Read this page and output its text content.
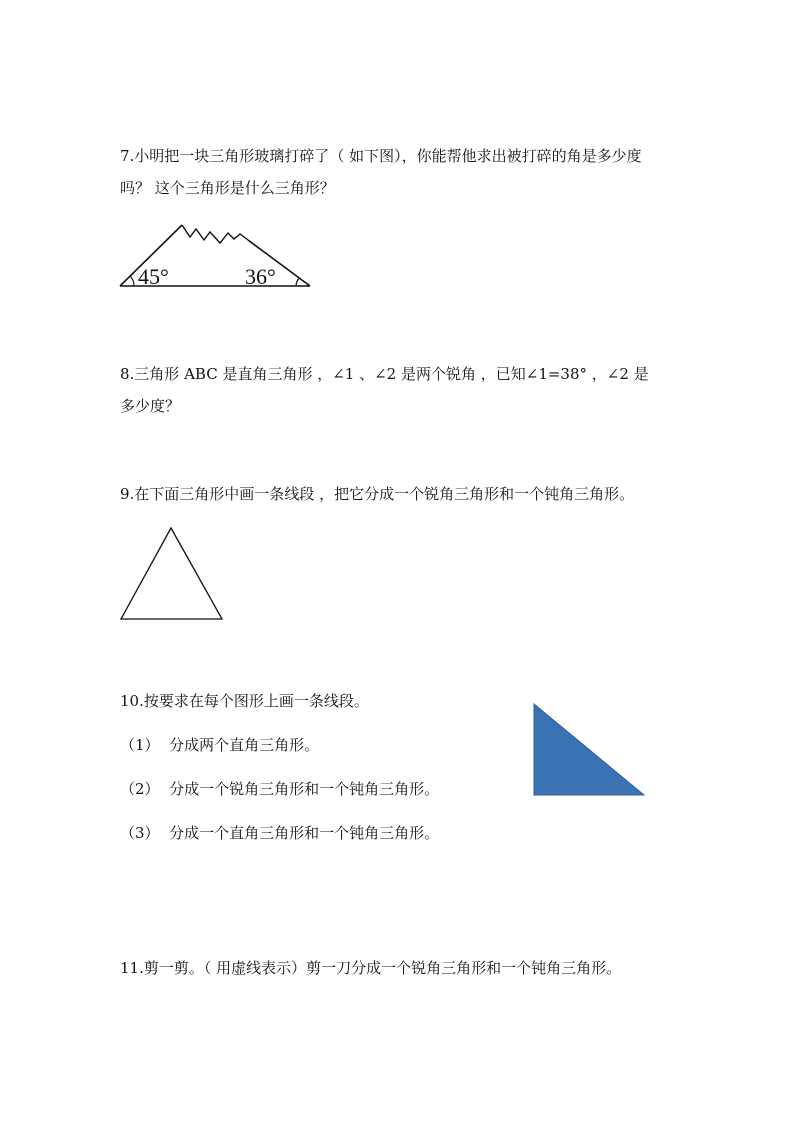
7.小明把一块三角形玻璃打碎了（ 如下图），你能帮他求出被打碎的角是多少度
吗？ 这个三角形是什么三角形？
45°	36°
8.三角形 ABC 是直角三角形 ，∠1 、∠2 是两个锐角 ，已知∠1=38° ，∠2 是
多少度？
9.在下面三角形中画一条线段 ，把它分成一个锐角三角形和一个钝角三角形。
10.按要求在每个图形上画一条线段。
（1）  分成两个直角三角形。
（2）  分成一个锐角三角形和一个钝角三角形。
（3）  分成一个直角三角形和一个钝角三角形。
11.剪一剪。（ 用虚线表示）剪一刀分成一个锐角三角形和一个钝角三角形。
